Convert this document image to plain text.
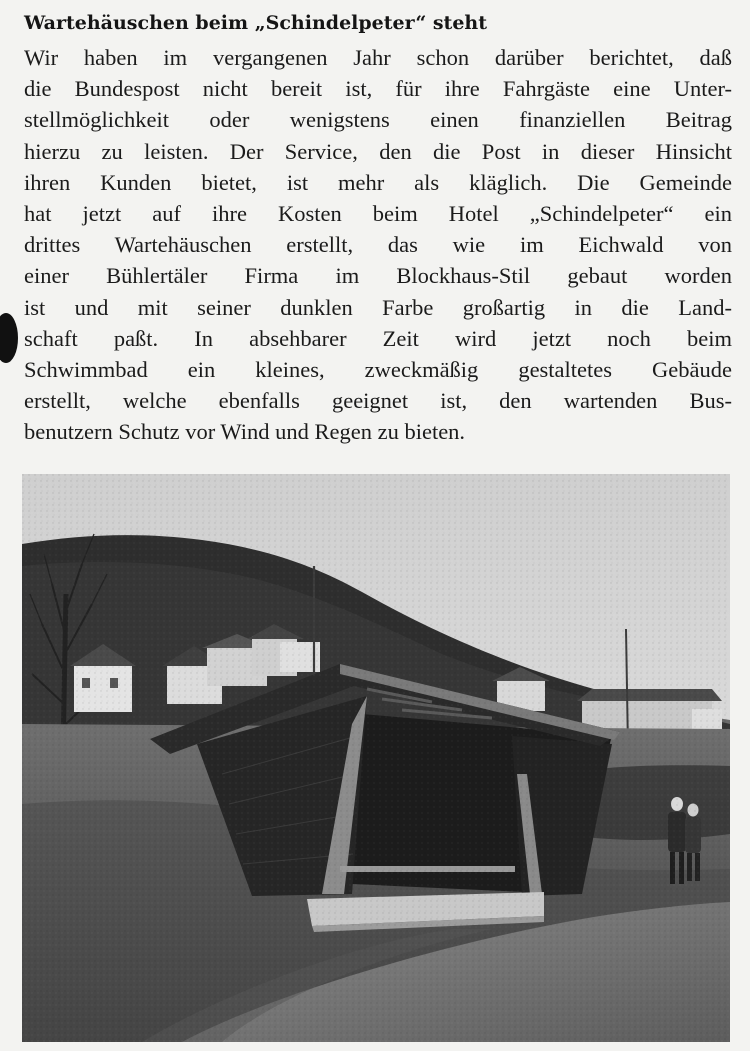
Wartehäuschen beim „Schindelpeter“ steht
Wir haben im vergangenen Jahr schon darüber berichtet, daß
die Bundespost nicht bereit ist, für ihre Fahrgäste eine Unter-
stellmöglichkeit oder wenigstens einen finanziellen Beitrag
hierzu zu leisten. Der Service, den die Post in dieser Hinsicht
ihren Kunden bietet, ist mehr als kläglich. Die Gemeinde
hat jetzt auf ihre Kosten beim Hotel „Schindelpeter“ ein
drittes Wartehäuschen erstellt, das wie im Eichwald von
einer Bühlertäler Firma im Blockhaus-Stil gebaut worden
ist und mit seiner dunklen Farbe großartig in die Land-
schaft paßt. In absehbarer Zeit wird jetzt noch beim
Schwimmbad ein kleines, zweckmäßig gestaltetes Gebäude
erstellt, welche ebenfalls geeignet ist, den wartenden Bus-
benutzern Schutz vor Wind und Regen zu bieten.
